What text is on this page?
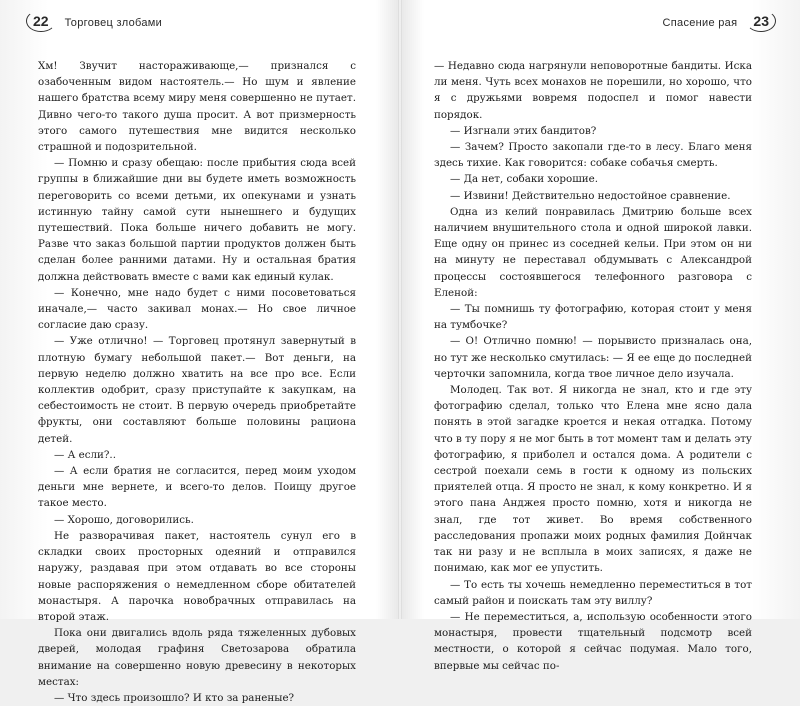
22 Торговец злобами

Хм! Звучит настораживающе,— признался с озабоченным видом настоятель.— Но шум и явление нашего братства всему миру меня совершенно не путает. Дивно чего-то такого душа просит. А вот призмерность этого самого путешествия мне видится несколько страшной и подозрительной.

— Помню и сразу обещаю: после прибытия сюда всей группы в ближайшие дни вы будете иметь возможность переговорить со всеми детьми, их опекунами и узнать истинную тайну самой сути нынешнего и будущих путешествий. Пока больше ничего добавить не могу. Разве что заказ большой партии продуктов должен быть сделан более ранними датами. Ну и остальная братия должна действовать вместе с вами как единый кулак.

— Конечно, мне надо будет с ними посоветоваться иначале,— часто закивал монах.— Но свое личное согласие даю сразу.

— Уже отлично! — Торговец протянул завернутый в плотную бумагу небольшой пакет.— Вот деньги, на первую неделю должно хватить на все про все. Если коллектив одобрит, сразу приступайте к закупкам, на себестоимость не стоит. В первую очередь приобретайте фрукты, они составляют больше половины рациона детей.

— А если?..

— А если братия не согласится, перед моим уходом деньги мне вернете, и всего-то делов. Поищу другое такое место.

— Хорошо, договорились.

Не разворачивая пакет, настоятель сунул его в складки своих просторных одеяний и отправился наружу, раздавая при этом отдавать во все стороны новые распоряжения о немедленном сборе обитателей монастыря. А парочка новобрачных отправилась на второй этаж.

Пока они двигались вдоль ряда тяжеленных дубовых дверей, молодая графиня Светозарова обратила внимание на совершенно новую древесину в некоторых местах:

— Что здесь произошло? И кто за раненые?

Спасение рая 23

— Недавно сюда нагрянули неповоротные бандиты. Иска ли меня. Чуть всех монахов не порешили, но хорошо, что я с дружьями вовремя подоспел и помог навести порядок.

— Изгнали этих бандитов?

— Зачем? Просто закопали где-то в лесу. Благо меня здесь тихие. Как говорится: собаке собачья смерть.

— Да нет, собаки хорошие.

— Извини! Действительно недостойное сравнение.

Одна из келий понравилась Дмитрию больше всех наличием внушительного стола и одной широкой лавки. Еще одну он принес из соседней кельи. При этом он ни на минуту не переставал обдумывать с Александрой процессы состоявшегося телефонного разговора с Еленой:

— Ты помнишь ту фотографию, которая стоит у меня на тумбочке?

— О! Отлично помню! — порывисто призналась она, но тут же несколько смутилась: — Я ее еще до последней черточки запомнила, когда твое личное дело изучала.

Молодец. Так вот. Я никогда не знал, кто и где эту фотографию сделал, только что Елена мне ясно дала понять в этой загадке кроется и некая отгадка. Потому что в ту пору я не мог быть в тот момент там и делать эту фотографию, я приболел и остался дома. А родители с сестрой поехали семь в гости к одному из польских приятелей отца. Я просто не знал, к кому конкретно. И я этого пана Анджея просто помню, хотя и никогда не знал, где тот живет. Во время собственного расследования пропажи моих родных фамилия Дойнчак так ни разу и не всплыла в моих записях, я даже не понимаю, как мог ее упустить.

— То есть ты хочешь немедленно переместиться в тот самый район и поискать там эту виллу?

— Не переместиться, а, использую особенности этого монастыря, провести тщательный подсмотр всей местности, о которой я сейчас подумая. Мало того, впервые мы сейчас по-
